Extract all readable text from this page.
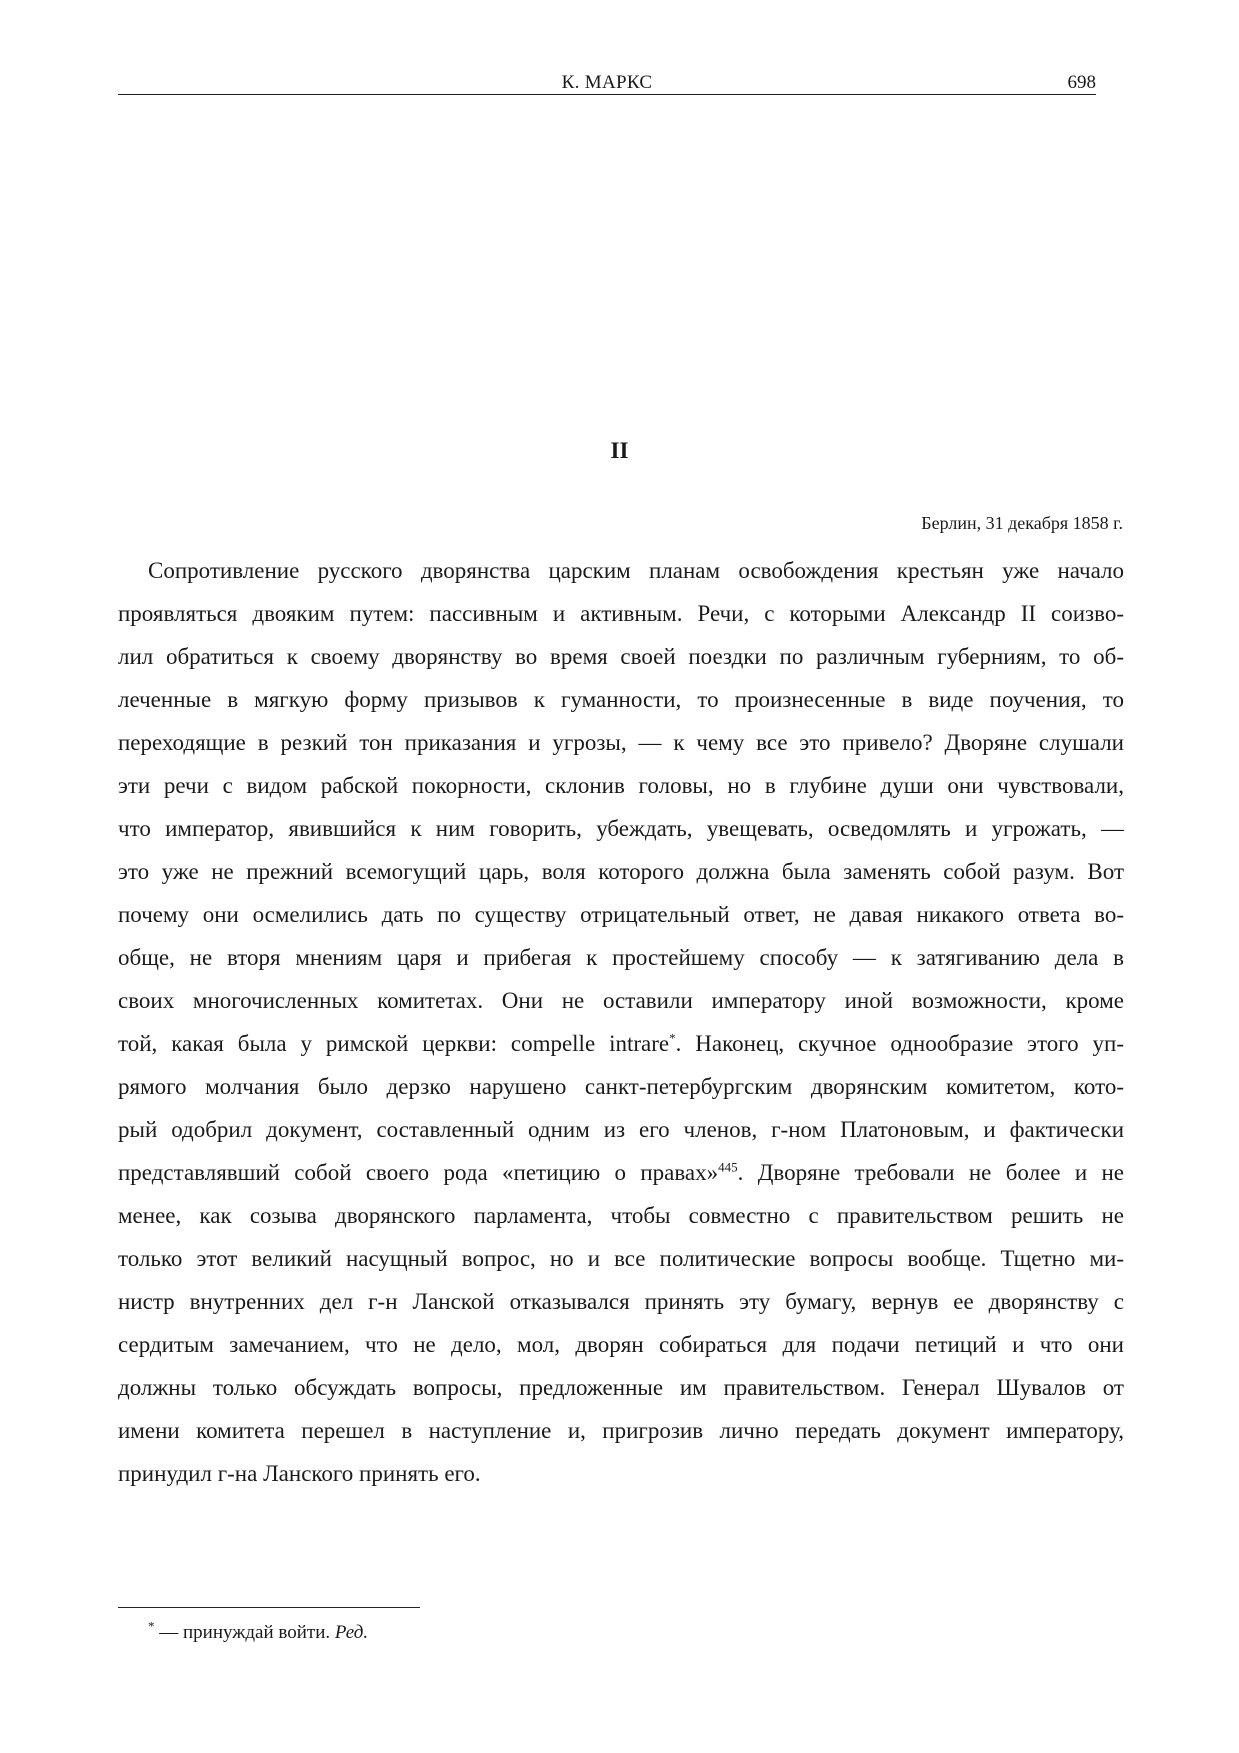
К. МАРКС	698
II
Берлин, 31 декабря 1858 г.
Сопротивление русского дворянства царским планам освобождения крестьян уже начало
проявляться двояким путем: пассивным и активным. Речи, с которыми Александр II соизво-
лил обратиться к своему дворянству во время своей поездки по различным губерниям, то об-
леченные в мягкую форму призывов к гуманности, то произнесенные в виде поучения, то
переходящие в резкий тон приказания и угрозы, — к чему все это привело? Дворяне слушали
эти речи с видом рабской покорности, склонив головы, но в глубине души они чувствовали,
что император, явившийся к ним говорить, убеждать, увещевать, осведомлять и угрожать, —
это уже не прежний всемогущий царь, воля которого должна была заменять собой разум. Вот
почему они осмелились дать по существу отрицательный ответ, не давая никакого ответа во-
обще, не вторя мнениям царя и прибегая к простейшему способу — к затягиванию дела в
своих многочисленных комитетах. Они не оставили императору иной возможности, кроме
той, какая была у римской церкви: compelle intrare*. Наконец, скучное однообразие этого уп-
рямого молчания было дерзко нарушено санкт-петербургским дворянским комитетом, кото-
рый одобрил документ, составленный одним из его членов, г-ном Платоновым, и фактически
представлявший собой своего рода «петицию о правах»$^{445}$. Дворяне требовали не более и не
менее, как созыва дворянского парламента, чтобы совместно с правительством решить не
только этот великий насущный вопрос, но и все политические вопросы вообще. Тщетно ми-
нистр внутренних дел г-н Ланской отказывался принять эту бумагу, вернув ее дворянству с
сердитым замечанием, что не дело, мол, дворян собираться для подачи петиций и что они
должны только обсуждать вопросы, предложенные им правительством. Генерал Шувалов от
имени комитета перешел в наступление и, пригрозив лично передать документ императору,
принудил г-на Ланского принять его.
* — принуждай войти. Ред.
